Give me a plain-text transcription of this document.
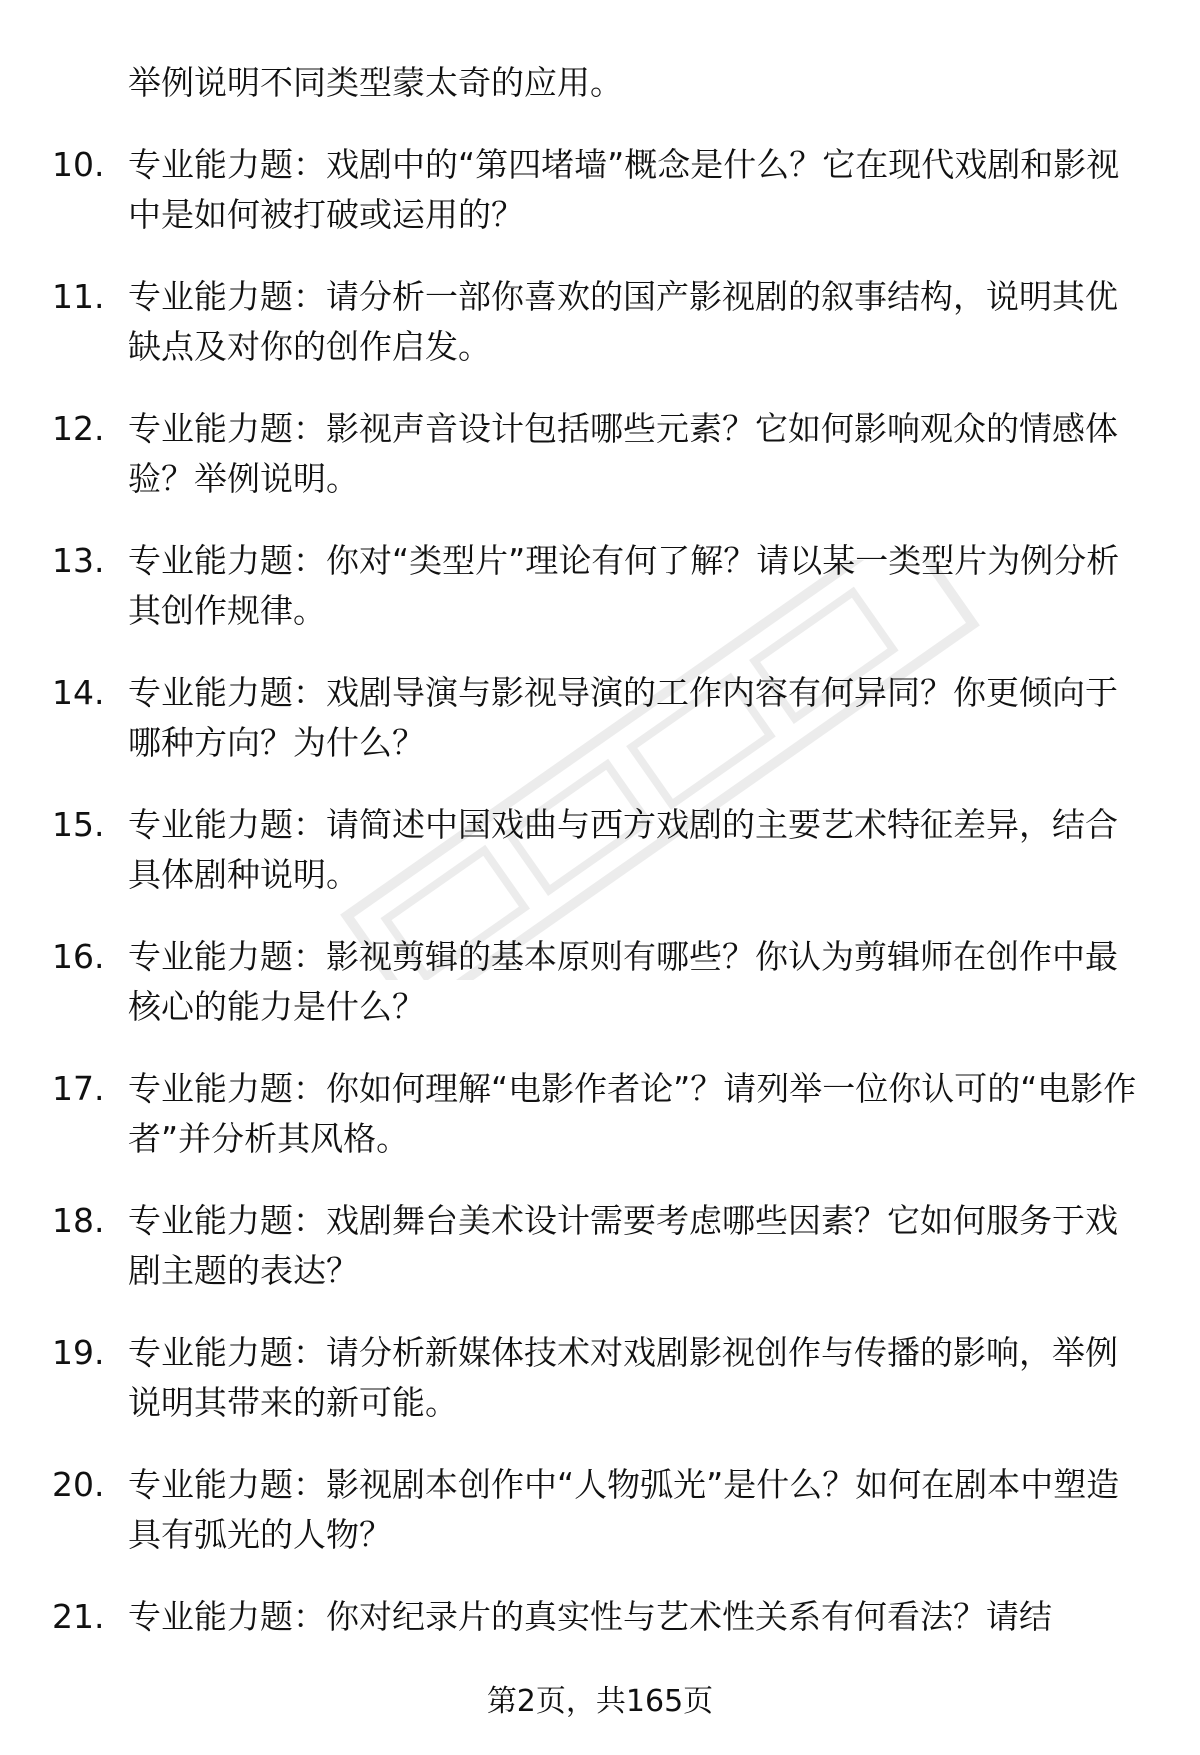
举例说明不同类型蒙太奇的应用。
10. 专业能力题：戏剧中的“第四堵墙”概念是什么？它在现代戏剧和影视中是如何被打破或运用的？
11. 专业能力题：请分析一部你喜欢的国产影视剧的叙事结构，说明其优缺点及对你的创作启发。
12. 专业能力题：影视声音设计包括哪些元素？它如何影响观众的情感体验？举例说明。
13. 专业能力题：你对“类型片”理论有何了解？请以某一类型片为例分析其创作规律。
14. 专业能力题：戏剧导演与影视导演的工作内容有何异同？你更倾向于哪种方向？为什么？
15. 专业能力题：请简述中国戏曲与西方戏剧的主要艺术特征差异，结合具体剧种说明。
16. 专业能力题：影视剪辑的基本原则有哪些？你认为剪辑师在创作中最核心的能力是什么？
17. 专业能力题：你如何理解“电影作者论”？请列举一位你认可的“电影作者”并分析其风格。
18. 专业能力题：戏剧舞台美术设计需要考虑哪些因素？它如何服务于戏剧主题的表达？
19. 专业能力题：请分析新媒体技术对戏剧影视创作与传播的影响，举例说明其带来的新可能。
20. 专业能力题：影视剧本创作中“人物弧光”是什么？如何在剧本中塑造具有弧光的人物？
21. 专业能力题：你对纪录片的真实性与艺术性关系有何看法？请结
第2页，共165页
